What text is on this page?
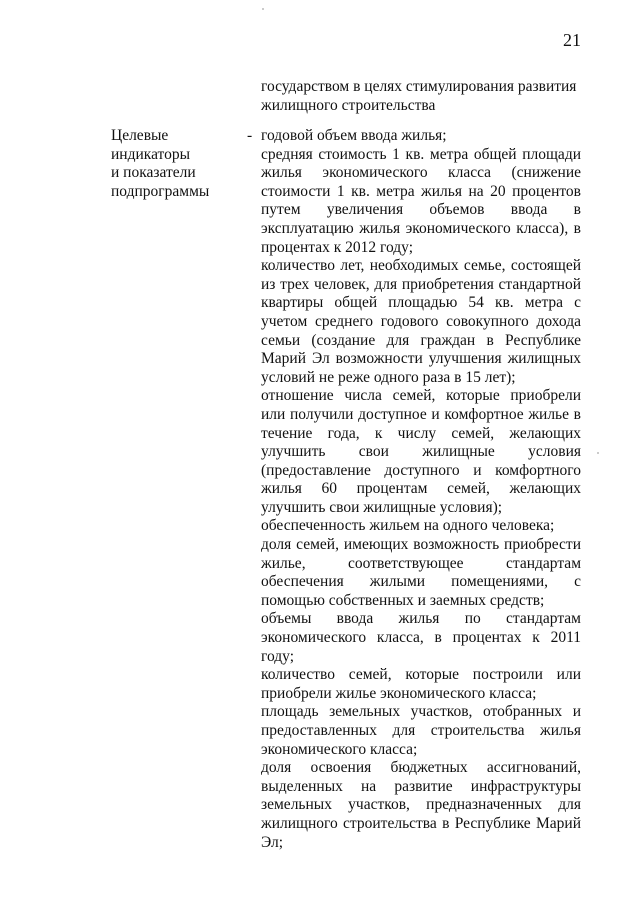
21
государством в целях стимулирования развития жилищного строительства
Целевые
индикаторы
и показатели
подпрограммы
- годовой объем ввода жилья;

средняя стоимость 1 кв. метра общей площади жилья экономического класса (снижение стоимости 1 кв. метра жилья на 20 процентов путем увеличения объемов ввода в эксплуатацию жилья экономического класса), в процентах к 2012 году;

количество лет, необходимых семье, состоящей из трех человек, для приобретения стандартной квартиры общей площадью 54 кв. метра с учетом среднего годового совокупного дохода семьи (создание для граждан в Республике Марий Эл возможности улучшения жилищных условий не реже одного раза в 15 лет);

отношение числа семей, которые приобрели или получили доступное и комфортное жилье в течение года, к числу семей, желающих улучшить свои жилищные условия (предоставление доступного и комфортного жилья 60 процентам семей, желающих улучшить свои жилищные условия);

обеспеченность жильем на одного человека;

доля семей, имеющих возможность приобрести жилье, соответствующее стандартам обеспечения жилыми помещениями, с помощью собственных и заемных средств;

объемы ввода жилья по стандартам экономического класса, в процентах к 2011 году;

количество семей, которые построили или приобрели жилье экономического класса;

площадь земельных участков, отобранных и предоставленных для строительства жилья экономического класса;

доля освоения бюджетных ассигнований, выделенных на развитие инфраструктуры земельных участков, предназначенных для жилищного строительства в Республике Марий Эл;
